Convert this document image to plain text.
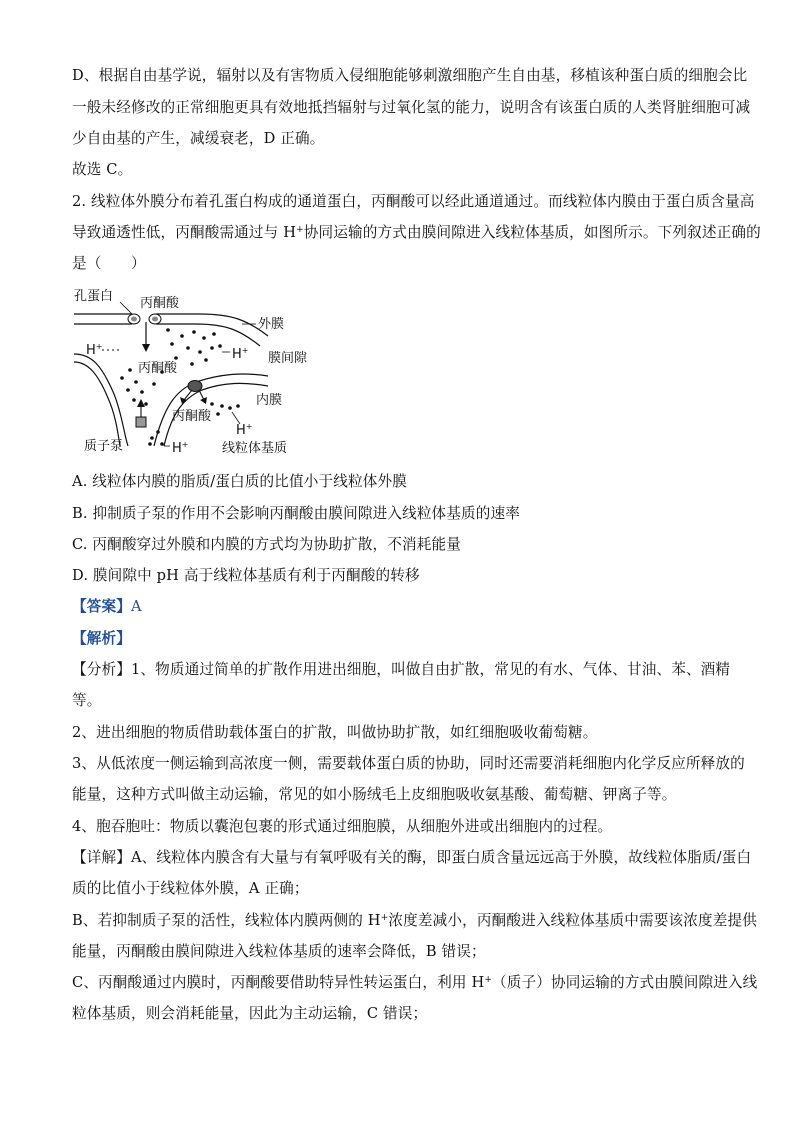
D、根据自由基学说，辐射以及有害物质入侵细胞能够刺激细胞产生自由基，移植该种蛋白质的细胞会比
一般未经修改的正常细胞更具有效地抵挡辐射与过氧化氢的能力，说明含有该蛋白质的人类肾脏细胞可减
少自由基的产生，减缓衰老，D 正确。
故选 C。
2. 线粒体外膜分布着孔蛋白构成的通道蛋白，丙酮酸可以经此通道通过。而线粒体内膜由于蛋白质含量高
导致通透性低，丙酮酸需通过与 H+协同运输的方式由膜间隙进入线粒体基质，如图所示。下列叙述正确的
是（　　）
孔蛋白 丙酮酸
外膜
H+
丙酮酸
H+
膜间隙
内膜
丙酮酸
H+
质子泵	H+	线粒体基质
A. 线粒体内膜的脂质/蛋白质的比值小于线粒体外膜
B. 抑制质子泵的作用不会影响丙酮酸由膜间隙进入线粒体基质的速率
C. 丙酮酸穿过外膜和内膜的方式均为协助扩散，不消耗能量
D. 膜间隙中 pH 高于线粒体基质有利于丙酮酸的转移
【答案】A
【解析】
【分析】1、物质通过简单的扩散作用进出细胞，叫做自由扩散，常见的有水、气体、甘油、苯、酒精
等。
2、进出细胞的物质借助载体蛋白的扩散，叫做协助扩散，如红细胞吸收葡萄糖。
3、从低浓度一侧运输到高浓度一侧，需要载体蛋白质的协助，同时还需要消耗细胞内化学反应所释放的
能量，这种方式叫做主动运输，常见的如小肠绒毛上皮细胞吸收氨基酸、葡萄糖、钾离子等。
4、胞吞胞吐：物质以囊泡包裹的形式通过细胞膜，从细胞外进或出细胞内的过程。
【详解】A、线粒体内膜含有大量与有氧呼吸有关的酶，即蛋白质含量远远高于外膜，故线粒体脂质/蛋白
质的比值小于线粒体外膜，A 正确；
B、若抑制质子泵的活性，线粒体内膜两侧的 H+浓度差减小，丙酮酸进入线粒体基质中需要该浓度差提供
能量，丙酮酸由膜间隙进入线粒体基质的速率会降低，B 错误；
C、丙酮酸通过内膜时，丙酮酸要借助特异性转运蛋白，利用 H+（质子）协同运输的方式由膜间隙进入线
粒体基质，则会消耗能量，因此为主动运输，C 错误；
